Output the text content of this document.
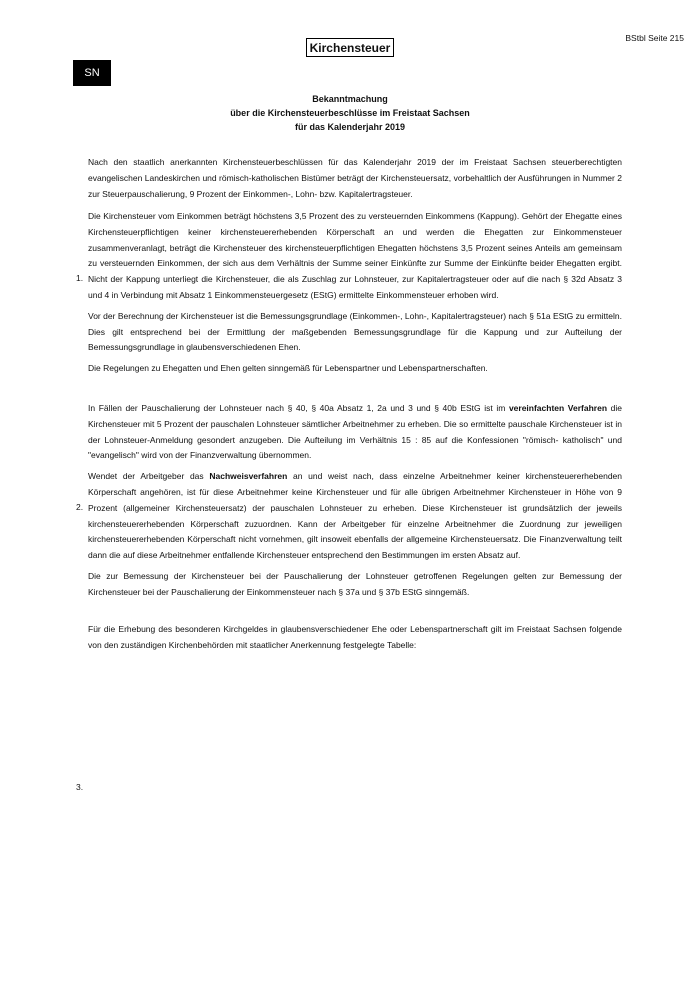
Kirchensteuer
BStbl Seite 215
SN
Bekanntmachung
über die Kirchensteuerbeschlüsse im Freistaat Sachsen
für das Kalenderjahr 2019

Nach den staatlich anerkannten Kirchensteuerbeschlüssen für das Kalenderjahr 2019 der im Freistaat Sachsen steuerberechtigten evangelischen Landeskirchen und römisch-katholischen Bistümer beträgt der Kirchensteuersatz, vorbehaltlich der Ausführungen in Nummer 2 zur Steuerpauschalierung, 9 Prozent der Einkommen-, Lohn- bzw. Kapitalertragsteuer.

Die Kirchensteuer vom Einkommen beträgt höchstens 3,5 Prozent des zu versteuernden Einkommens (Kappung). Gehört der Ehegatte eines Kirchensteuerpflichtigen keiner kirchensteuererhebenden Körperschaft an und werden die Ehegatten zur Einkommensteuer zusammenveranlagt, beträgt die Kirchensteuer des kirchensteuerpflichtigen Ehegatten höchstens 3,5 Prozent seines Anteils am gemeinsam zu versteuernden Einkommen, der sich aus dem Verhältnis der Summe seiner Einkünfte zur Summe der Einkünfte beider Ehegatten ergibt. Nicht der Kappung unterliegt die Kirchensteuer, die als Zuschlag zur Lohnsteuer, zur Kapitalertragsteuer oder auf die nach § 32d Absatz 3 und 4 in Verbindung mit Absatz 1 Einkommensteuergesetz (EStG) ermittelte Einkommensteuer erhoben wird.

Vor der Berechnung der Kirchensteuer ist die Bemessungsgrundlage (Einkommen-, Lohn-, Kapitalertragsteuer) nach § 51a EStG zu ermitteln. Dies gilt entsprechend bei der Ermittlung der maßgebenden Bemessungsgrundlage für die Kappung und zur Aufteilung der Bemessungsgrundlage in glaubensverschiedenen Ehen.

Die Regelungen zu Ehegatten und Ehen gelten sinngemäß für Lebenspartner und Lebenspartnerschaften.

1.

In Fällen der Pauschalierung der Lohnsteuer nach § 40, § 40a Absatz 1, 2a und 3 und § 40b EStG ist im vereinfachten Verfahren die Kirchensteuer mit 5 Prozent der pauschalen Lohnsteuer sämtlicher Arbeitnehmer zu erheben. Die so ermittelte pauschale Kirchensteuer ist in der Lohnsteuer-Anmeldung gesondert anzugeben. Die Aufteilung im Verhältnis 15 : 85 auf die Konfessionen "römisch- katholisch" und "evangelisch" wird von der Finanzverwaltung übernommen.

Wendet der Arbeitgeber das Nachweisverfahren an und weist nach, dass einzelne Arbeitnehmer keiner kirchensteuererhebenden Körperschaft angehören, ist für diese Arbeitnehmer keine Kirchensteuer und für alle übrigen Arbeitnehmer Kirchensteuer in Höhe von 9 Prozent (allgemeiner Kirchensteuersatz) der pauschalen Lohnsteuer zu erheben. Diese Kirchensteuer ist grundsätzlich der jeweils kirchensteuererhebenden Körperschaft zuzuordnen. Kann der Arbeitgeber für einzelne Arbeitnehmer die Zuordnung zur jeweiligen kirchensteuererhebenden Körperschaft nicht vornehmen, gilt insoweit ebenfalls der allgemeine Kirchensteuersatz. Die Finanzverwaltung teilt dann die auf diese Arbeitnehmer entfallende Kirchensteuer entsprechend den Bestimmungen im ersten Absatz auf.

Die zur Bemessung der Kirchensteuer bei der Pauschalierung der Lohnsteuer getroffenen Regelungen gelten zur Bemessung der Kirchensteuer bei der Pauschalierung der Einkommensteuer nach § 37a und § 37b EStG sinngemäß.

2.

Für die Erhebung des besonderen Kirchgeldes in glaubensverschiedener Ehe oder Lebenspartnerschaft gilt im Freistaat Sachsen folgende von den zuständigen Kirchenbehörden mit staatlicher Anerkennung festgelegte Tabelle:

3.
